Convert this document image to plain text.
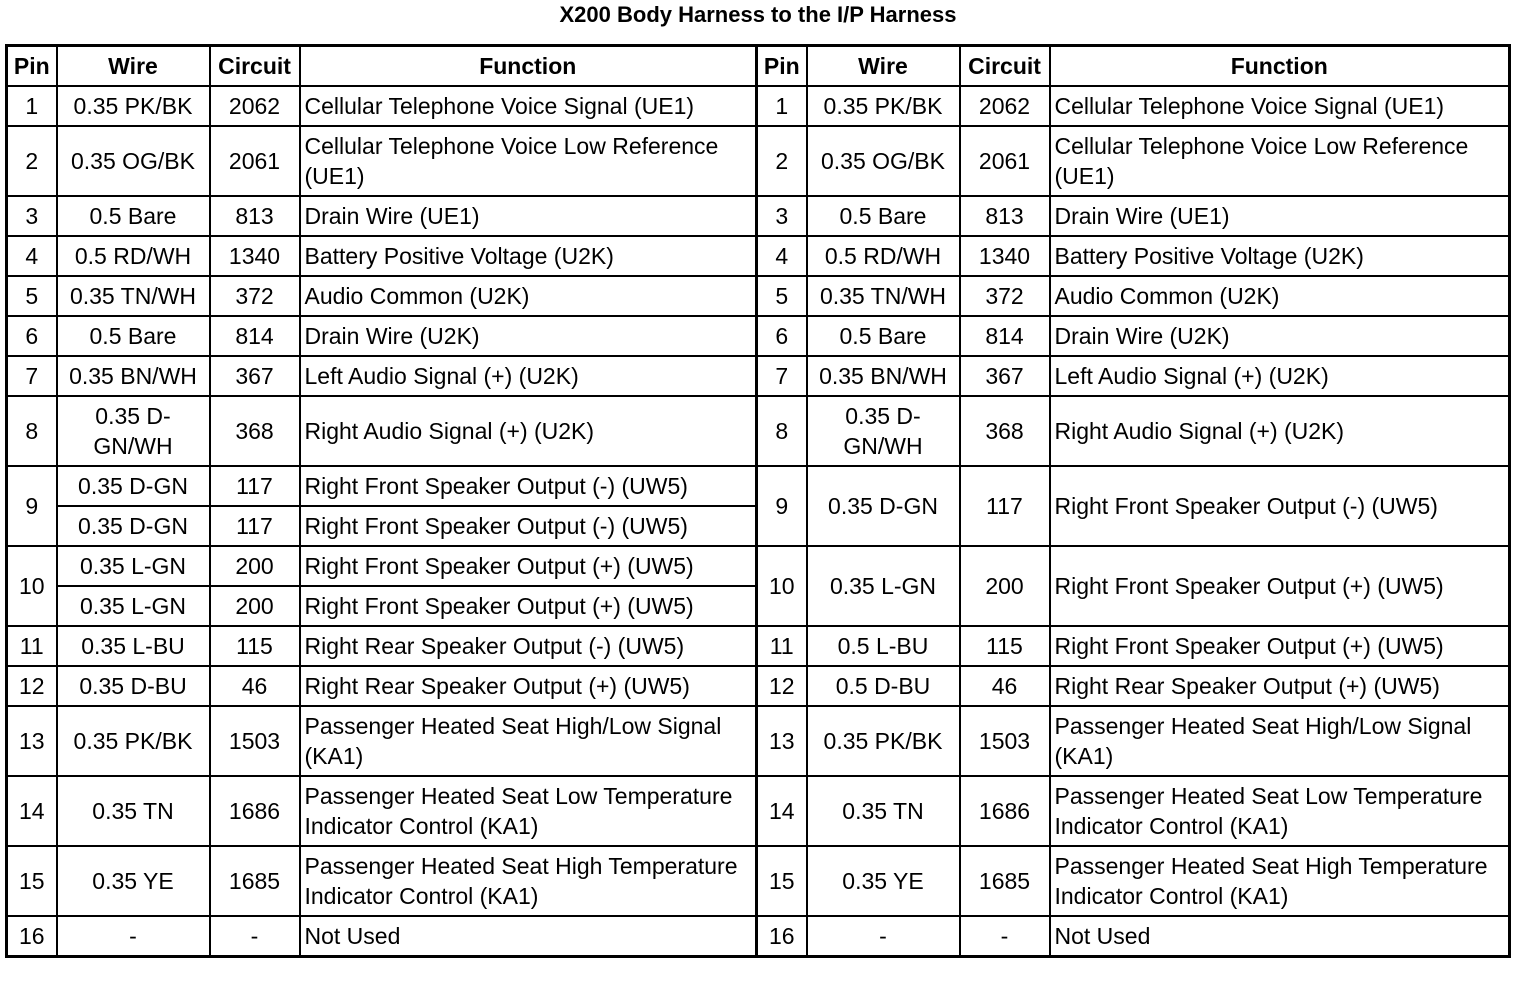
X200 Body Harness to the I/P Harness
Pin	Wire	Circuit	Function	Pin	Wire	Circuit	Function
1	0.35 PK/BK	2062	Cellular Telephone Voice Signal (UE1)	1	0.35 PK/BK	2062	Cellular Telephone Voice Signal (UE1)
2	0.35 OG/BK	2061	Cellular Telephone Voice Low Reference (UE1)	2	0.35 OG/BK	2061	Cellular Telephone Voice Low Reference (UE1)
3	0.5 Bare	813	Drain Wire (UE1)	3	0.5 Bare	813	Drain Wire (UE1)
4	0.5 RD/WH	1340	Battery Positive Voltage (U2K)	4	0.5 RD/WH	1340	Battery Positive Voltage (U2K)
5	0.35 TN/WH	372	Audio Common (U2K)	5	0.35 TN/WH	372	Audio Common (U2K)
6	0.5 Bare	814	Drain Wire (U2K)	6	0.5 Bare	814	Drain Wire (U2K)
7	0.35 BN/WH	367	Left Audio Signal (+) (U2K)	7	0.35 BN/WH	367	Left Audio Signal (+) (U2K)
8	0.35 D-GN/WH	368	Right Audio Signal (+) (U2K)	8	0.35 D-GN/WH	368	Right Audio Signal (+) (U2K)
9	0.35 D-GN	117	Right Front Speaker Output (-) (UW5)	9	0.35 D-GN	117	Right Front Speaker Output (-) (UW5)
	0.35 D-GN	117	Right Front Speaker Output (-) (UW5)				
10	0.35 L-GN	200	Right Front Speaker Output (+) (UW5)	10	0.35 L-GN	200	Right Front Speaker Output (+) (UW5)
	0.35 L-GN	200	Right Front Speaker Output (+) (UW5)				
11	0.35 L-BU	115	Right Rear Speaker Output (-) (UW5)	11	0.5 L-BU	115	Right Front Speaker Output (+) (UW5)
12	0.35 D-BU	46	Right Rear Speaker Output (+) (UW5)	12	0.5 D-BU	46	Right Rear Speaker Output (+) (UW5)
13	0.35 PK/BK	1503	Passenger Heated Seat High/Low Signal (KA1)	13	0.35 PK/BK	1503	Passenger Heated Seat High/Low Signal (KA1)
14	0.35 TN	1686	Passenger Heated Seat Low Temperature Indicator Control (KA1)	14	0.35 TN	1686	Passenger Heated Seat Low Temperature Indicator Control (KA1)
15	0.35 YE	1685	Passenger Heated Seat High Temperature Indicator Control (KA1)	15	0.35 YE	1685	Passenger Heated Seat High Temperature Indicator Control (KA1)
16	-	-	Not Used	16	-	-	Not Used
